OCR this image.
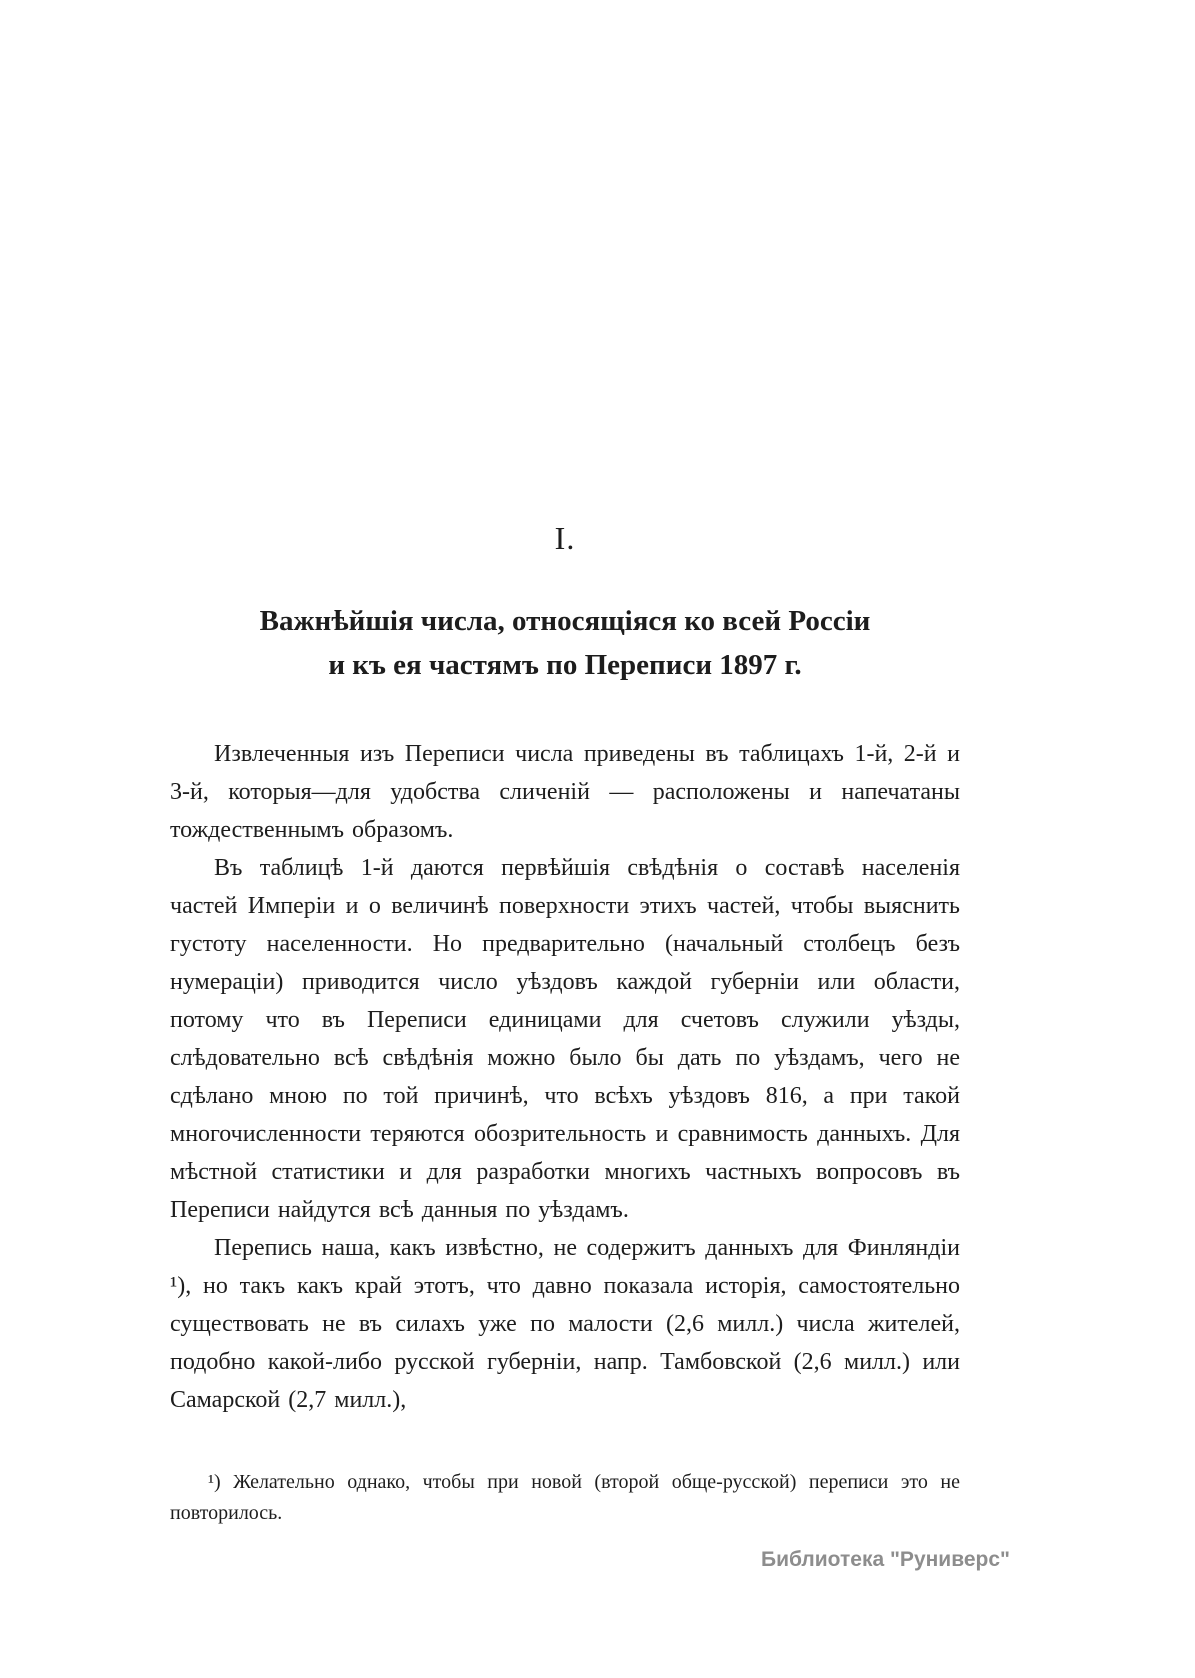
I.
Важнѣйшія числа, относящіяся ко всей Россіи
и къ ея частямъ по Переписи 1897 г.

Извлеченныя изъ Переписи числа приведены въ таблицахъ 1-й, 2-й и 3-й, которыя—для удобства сличеній — расположены и напечатаны тождественнымъ образомъ.

Въ таблицѣ 1-й даются первѣйшія свѣдѣнія о составѣ населенія частей Имперіи и о величинѣ поверхности этихъ частей, чтобы выяснить густоту населенности. Но предварительно (начальный столбецъ безъ нумераціи) приводится число уѣздовъ каждой губерніи или области, потому что въ Переписи единицами для счетовъ служили уѣзды, слѣдовательно всѣ свѣдѣнія можно было бы дать по уѣздамъ, чего не сдѣлано мною по той причинѣ, что всѣхъ уѣздовъ 816, а при такой многочисленности теряются обозрительность и сравнимость данныхъ. Для мѣстной статистики и для разработки многихъ частныхъ вопросовъ въ Переписи найдутся всѣ данныя по уѣздамъ.

Перепись наша, какъ извѣстно, не содержитъ данныхъ для Финляндіи ¹), но такъ какъ край этотъ, что давно показала исторія, самостоятельно существовать не въ силахъ уже по малости (2,6 милл.) числа жителей, подобно какой-либо русской губерніи, напр. Тамбовской (2,6 милл.) или Самарской (2,7 милл.),

¹) Желательно однако, чтобы при новой (второй обще-русской) переписи это не повторилось.
Библиотека "Руниверс"
